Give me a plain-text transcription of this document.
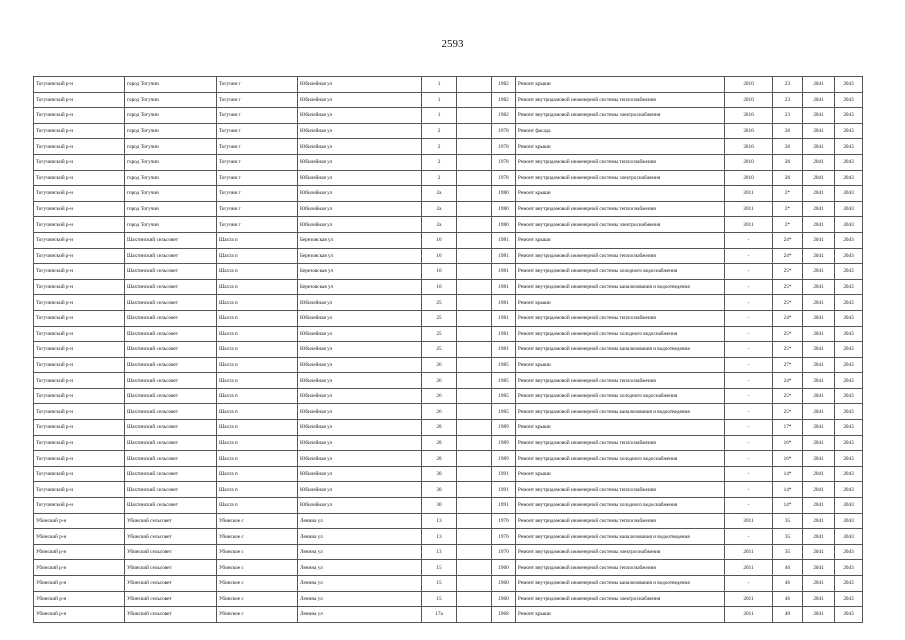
2593
Тогучинский р-н	город Тогучин	Тогучин г	Юбилейная ул	1		1982	Ремонт крыши	2010	23	2041	2043
Тогучинский р-н	город Тогучин	Тогучин г	Юбилейная ул	1		1982	Ремонт внутридомовой инженерной системы теплоснабжения	2010	23	2041	2043
Тогучинский р-н	город Тогучин	Тогучин г	Юбилейная ул	1		1982	Ремонт внутридомовой инженерной системы электроснабжения	2010	23	2041	2043
Тогучинский р-н	город Тогучин	Тогучин г	Юбилейная ул	2		1978	Ремонт фасада	2010	26	2041	2043
Тогучинский р-н	город Тогучин	Тогучин г	Юбилейная ул	2		1978	Ремонт крыши	2010	26	2041	2043
Тогучинский р-н	город Тогучин	Тогучин г	Юбилейная ул	2		1978	Ремонт внутридомовой инженерной системы теплоснабжения	2010	26	2041	2043
Тогучинский р-н	город Тогучин	Тогучин г	Юбилейная ул	2		1978	Ремонт внутридомовой инженерной системы электроснабжения	2010	26	2041	2043
Тогучинский р-н	город Тогучин	Тогучин г	Юбилейная ул	2а		1980	Ремонт крыши	2011	2*	2041	2043
Тогучинский р-н	город Тогучин	Тогучин г	Юбилейная ул	2а		1980	Ремонт внутридомовой инженерной системы теплоснабжения	2011	2*	2041	2043
Тогучинский р-н	город Тогучин	Тогучин г	Юбилейная ул	2а		1980	Ремонт внутридомовой инженерной системы электроснабжения	2011	2*	2041	2043
Тогучинский р-н	Шахтинский сельсовет	Шахта п	Березовская ул	10		1981	Ремонт крыши	-	24*	2041	2043
Тогучинский р-н	Шахтинский сельсовет	Шахта п	Березовская ул	10		1981	Ремонт внутридомовой инженерной системы теплоснабжения	-	24*	2041	2043
Тогучинский р-н	Шахтинский сельсовет	Шахта п	Березовская ул	10		1981	Ремонт внутридомовой инженерной системы холодного водоснабжения	-	25*	2041	2043
Тогучинский р-н	Шахтинский сельсовет	Шахта п	Березовская ул	10		1981	Ремонт внутридомовой инженерной системы канализования и водоотведения	-	25*	2041	2043
Тогучинский р-н	Шахтинский сельсовет	Шахта п	Юбилейная ул	25		1981	Ремонт крыши	-	25*	2041	2043
Тогучинский р-н	Шахтинский сельсовет	Шахта п	Юбилейная ул	25		1981	Ремонт внутридомовой инженерной системы теплоснабжения	-	24*	2041	2043
Тогучинский р-н	Шахтинский сельсовет	Шахта п	Юбилейная ул	25		1981	Ремонт внутридомовой инженерной системы холодного водоснабжения	-	25*	2041	2043
Тогучинский р-н	Шахтинский сельсовет	Шахта п	Юбилейная ул	25		1981	Ремонт внутридомовой инженерной системы канализования и водоотведения	-	25*	2041	2043
Тогучинский р-н	Шахтинский сельсовет	Шахта п	Юбилейная ул	26		1985	Ремонт крыши	-	27*	2041	2043
Тогучинский р-н	Шахтинский сельсовет	Шахта п	Юбилейная ул	26		1985	Ремонт внутридомовой инженерной системы теплоснабжения	-	24*	2041	2043
Тогучинский р-н	Шахтинский сельсовет	Шахта п	Юбилейная ул	26		1985	Ремонт внутридомовой инженерной системы холодного водоснабжения	-	25*	2041	2043
Тогучинский р-н	Шахтинский сельсовет	Шахта п	Юбилейная ул	26		1985	Ремонт внутридомовой инженерной системы канализования и водоотведения	-	25*	2041	2043
Тогучинский р-н	Шахтинский сельсовет	Шахта п	Юбилейная ул	28		1989	Ремонт крыши	-	17*	2041	2043
Тогучинский р-н	Шахтинский сельсовет	Шахта п	Юбилейная ул	28		1989	Ремонт внутридомовой инженерной системы теплоснабжения	-	16*	2041	2043
Тогучинский р-н	Шахтинский сельсовет	Шахта п	Юбилейная ул	28		1989	Ремонт внутридомовой инженерной системы холодного водоснабжения	-	16*	2041	2043
Тогучинский р-н	Шахтинский сельсовет	Шахта п	Юбилейная ул	30		1991	Ремонт крыши	-	14*	2041	2043
Тогучинский р-н	Шахтинский сельсовет	Шахта п	Юбилейная ул	30		1991	Ремонт внутридомовой инженерной системы теплоснабжения	-	14*	2041	2043
Тогучинский р-н	Шахтинский сельсовет	Шахта п	Юбилейная ул	30		1991	Ремонт внутридомовой инженерной системы холодного водоснабжения	-	14*	2041	2043
Убинский р-н	Убинский сельсовет	Убинское с	Ленина ул	13		1970	Ремонт внутридомовой инженерной системы теплоснабжения	2011	35	2041	2043
Убинский р-н	Убинский сельсовет	Убинское с	Ленина ул	13		1970	Ремонт внутридомовой инженерной системы канализования и водоотведения	-	35	2041	2043
Убинский р-н	Убинский сельсовет	Убинское с	Ленина ул	13		1970	Ремонт внутридомовой инженерной системы электроснабжения	2011	35	2041	2043
Убинский р-н	Убинский сельсовет	Убинское с	Ленина ул	15		1960	Ремонт внутридомовой инженерной системы теплоснабжения	2011	46	2041	2043
Убинский р-н	Убинский сельсовет	Убинское с	Ленина ул	15		1960	Ремонт внутридомовой инженерной системы канализования и водоотведения	-	46	2041	2043
Убинский р-н	Убинский сельсовет	Убинское с	Ленина ул	15		1960	Ремонт внутридомовой инженерной системы электроснабжения	2011	46	2041	2043
Убинский р-н	Убинский сельсовет	Убинское с	Ленина ул	17а		1968	Ремонт крыши	2011	40	2041	2043
